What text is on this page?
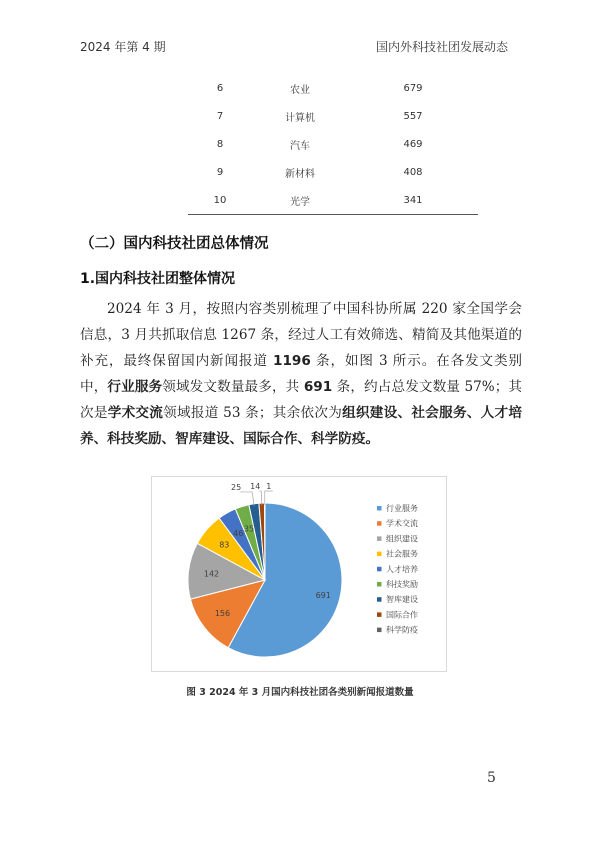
2024 年第 4 期	国内外科技社团发展动态
6	农业	679
7	计算机	557
8	汽车	469
9	新材料	408
10	光学	341
（二）国内科技社团总体情况
1.国内科技社团整体情况

2024 年 3 月，按照内容类别梳理了中国科协所属 220 家全国学会信息，3 月共抓取信息 1267 条，经过人工有效筛选、精简及其他渠道的补充，最终保留国内新闻报道 1196 条，如图 3 所示。在各发文类别中，行业服务领域发文数量最多，共 691 条，约占总发文数量 57%；其次是学术交流领域报道 53 条；其余依次为组织建设、社会服务、人才培养、科技奖励、智库建设、国际合作、科学防疫。

691
156
142
83
46
35
25 14 1
行业服务
学术交流
组织建设
社会服务
人才培养
科技奖励
智库建设
国际合作
科学防疫
图 3 2024 年 3 月国内科技社团各类别新闻报道数量
5
